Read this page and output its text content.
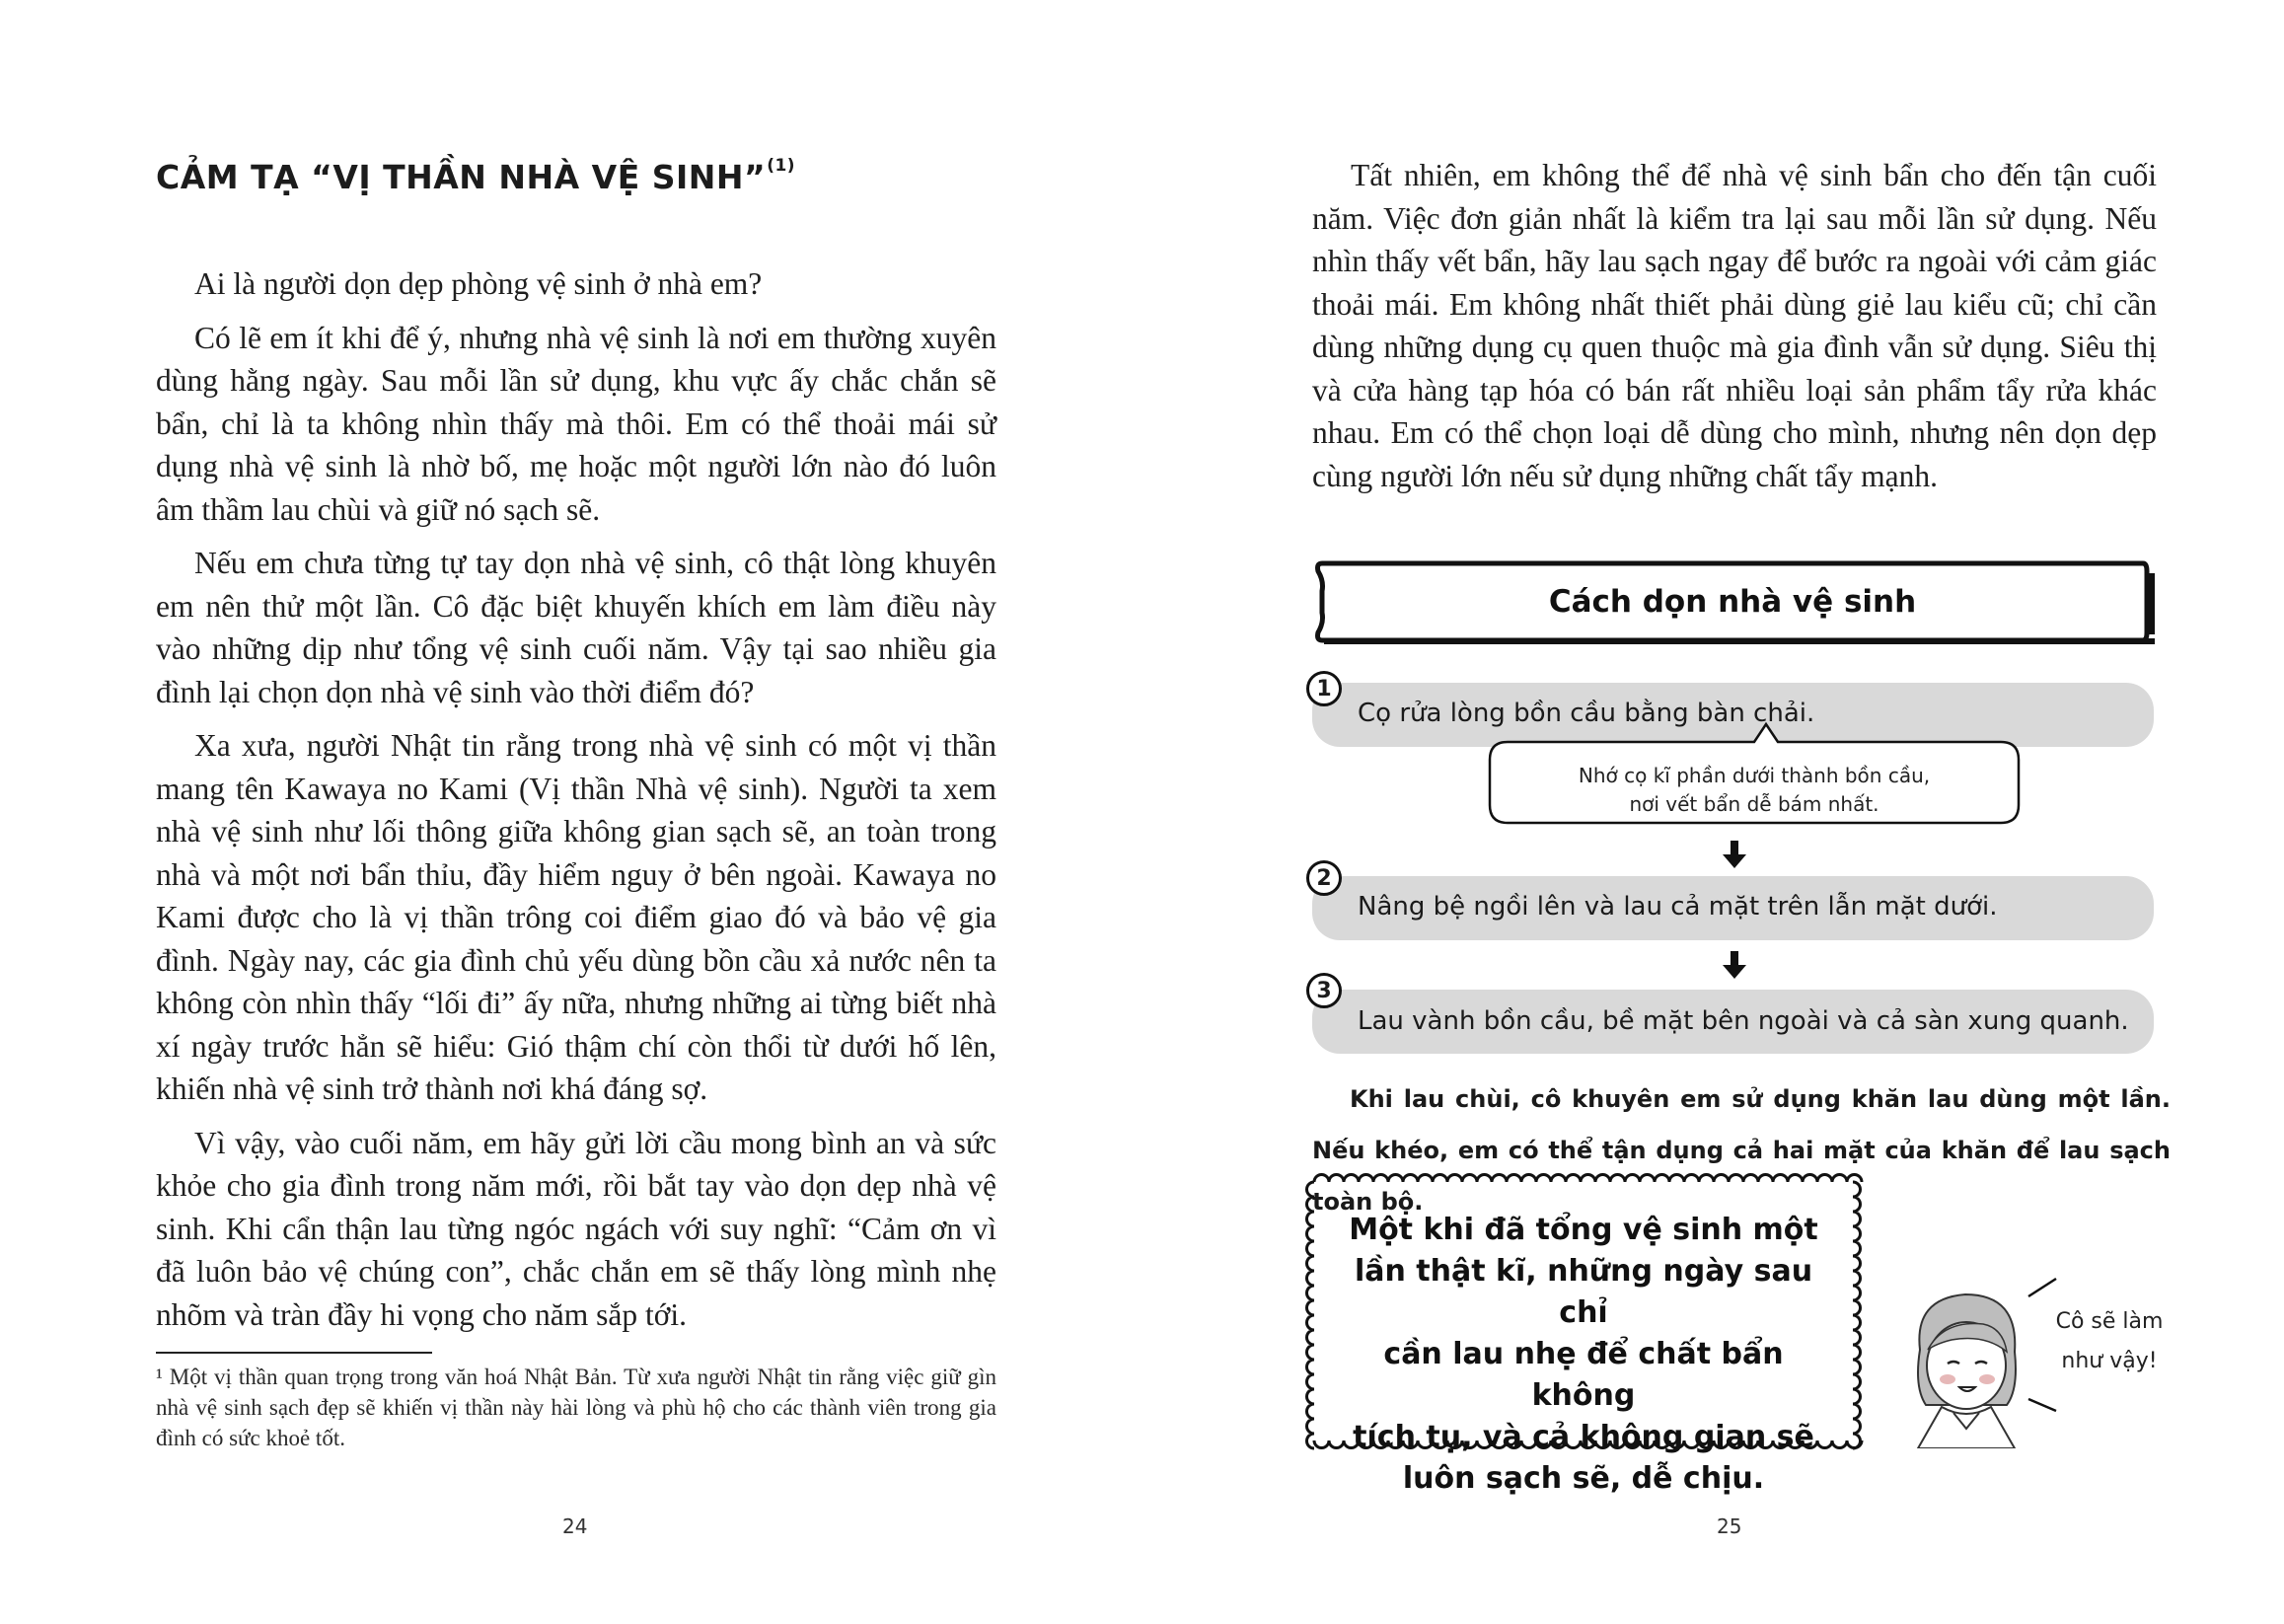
CẢM TẠ “VỊ THẦN NHÀ VỆ SINH”$^{(1)}$

Ai là người dọn dẹp phòng vệ sinh ở nhà em?

Có lẽ em ít khi để ý, nhưng nhà vệ sinh là nơi em thường xuyên dùng hằng ngày. Sau mỗi lần sử dụng, khu vực ấy chắc chắn sẽ bẩn, chỉ là ta không nhìn thấy mà thôi. Em có thể thoải mái sử dụng nhà vệ sinh là nhờ bố, mẹ hoặc một người lớn nào đó luôn âm thầm lau chùi và giữ nó sạch sẽ.

Nếu em chưa từng tự tay dọn nhà vệ sinh, cô thật lòng khuyên em nên thử một lần. Cô đặc biệt khuyến khích em làm điều này vào những dịp như tổng vệ sinh cuối năm. Vậy tại sao nhiều gia đình lại chọn dọn nhà vệ sinh vào thời điểm đó?

Xa xưa, người Nhật tin rằng trong nhà vệ sinh có một vị thần mang tên Kawaya no Kami (Vị thần Nhà vệ sinh). Người ta xem nhà vệ sinh như lối thông giữa không gian sạch sẽ, an toàn trong nhà và một nơi bẩn thỉu, đầy hiểm nguy ở bên ngoài. Kawaya no Kami được cho là vị thần trông coi điểm giao đó và bảo vệ gia đình. Ngày nay, các gia đình chủ yếu dùng bồn cầu xả nước nên ta không còn nhìn thấy “lối đi” ấy nữa, nhưng những ai từng biết nhà xí ngày trước hẳn sẽ hiểu: Gió thậm chí còn thổi từ dưới hố lên, khiến nhà vệ sinh trở thành nơi khá đáng sợ.

Vì vậy, vào cuối năm, em hãy gửi lời cầu mong bình an và sức khỏe cho gia đình trong năm mới, rồi bắt tay vào dọn dẹp nhà vệ sinh. Khi cẩn thận lau từng ngóc ngách với suy nghĩ: “Cảm ơn vì đã luôn bảo vệ chúng con”, chắc chắn em sẽ thấy lòng mình nhẹ nhõm và tràn đầy hi vọng cho năm sắp tới.

¹ Một vị thần quan trọng trong văn hoá Nhật Bản. Từ xưa người Nhật tin rằng việc giữ gìn nhà vệ sinh sạch đẹp sẽ khiến vị thần này hài lòng và phù hộ cho các thành viên trong gia đình có sức khoẻ tốt.
24

Tất nhiên, em không thể để nhà vệ sinh bẩn cho đến tận cuối năm. Việc đơn giản nhất là kiểm tra lại sau mỗi lần sử dụng. Nếu nhìn thấy vết bẩn, hãy lau sạch ngay để bước ra ngoài với cảm giác thoải mái. Em không nhất thiết phải dùng giẻ lau kiểu cũ; chỉ cần dùng những dụng cụ quen thuộc mà gia đình vẫn sử dụng. Siêu thị và cửa hàng tạp hóa có bán rất nhiều loại sản phẩm tẩy rửa khác nhau. Em có thể chọn loại dễ dùng cho mình, nhưng nên dọn dẹp cùng người lớn nếu sử dụng những chất tẩy mạnh.

Cách dọn nhà vệ sinh
1
Cọ rửa lòng bồn cầu bằng bàn chải.
Nhớ cọ kĩ phần dưới thành bồn cầu,
nơi vết bẩn dễ bám nhất.
2
Nâng bệ ngồi lên và lau cả mặt trên lẫn mặt dưới.
3
Lau vành bồn cầu, bề mặt bên ngoài và cả sàn xung quanh.
Khi lau chùi, cô khuyên em sử dụng khăn lau dùng một lần. Nếu khéo, em có thể tận dụng cả hai mặt của khăn để lau sạch toàn bộ.
Một khi đã tổng vệ sinh một
lần thật kĩ, những ngày sau chỉ
cần lau nhẹ để chất bẩn không
tích tụ, và cả không gian sẽ
luôn sạch sẽ, dễ chịu.
Cô sẽ làm
như vậy!
25
